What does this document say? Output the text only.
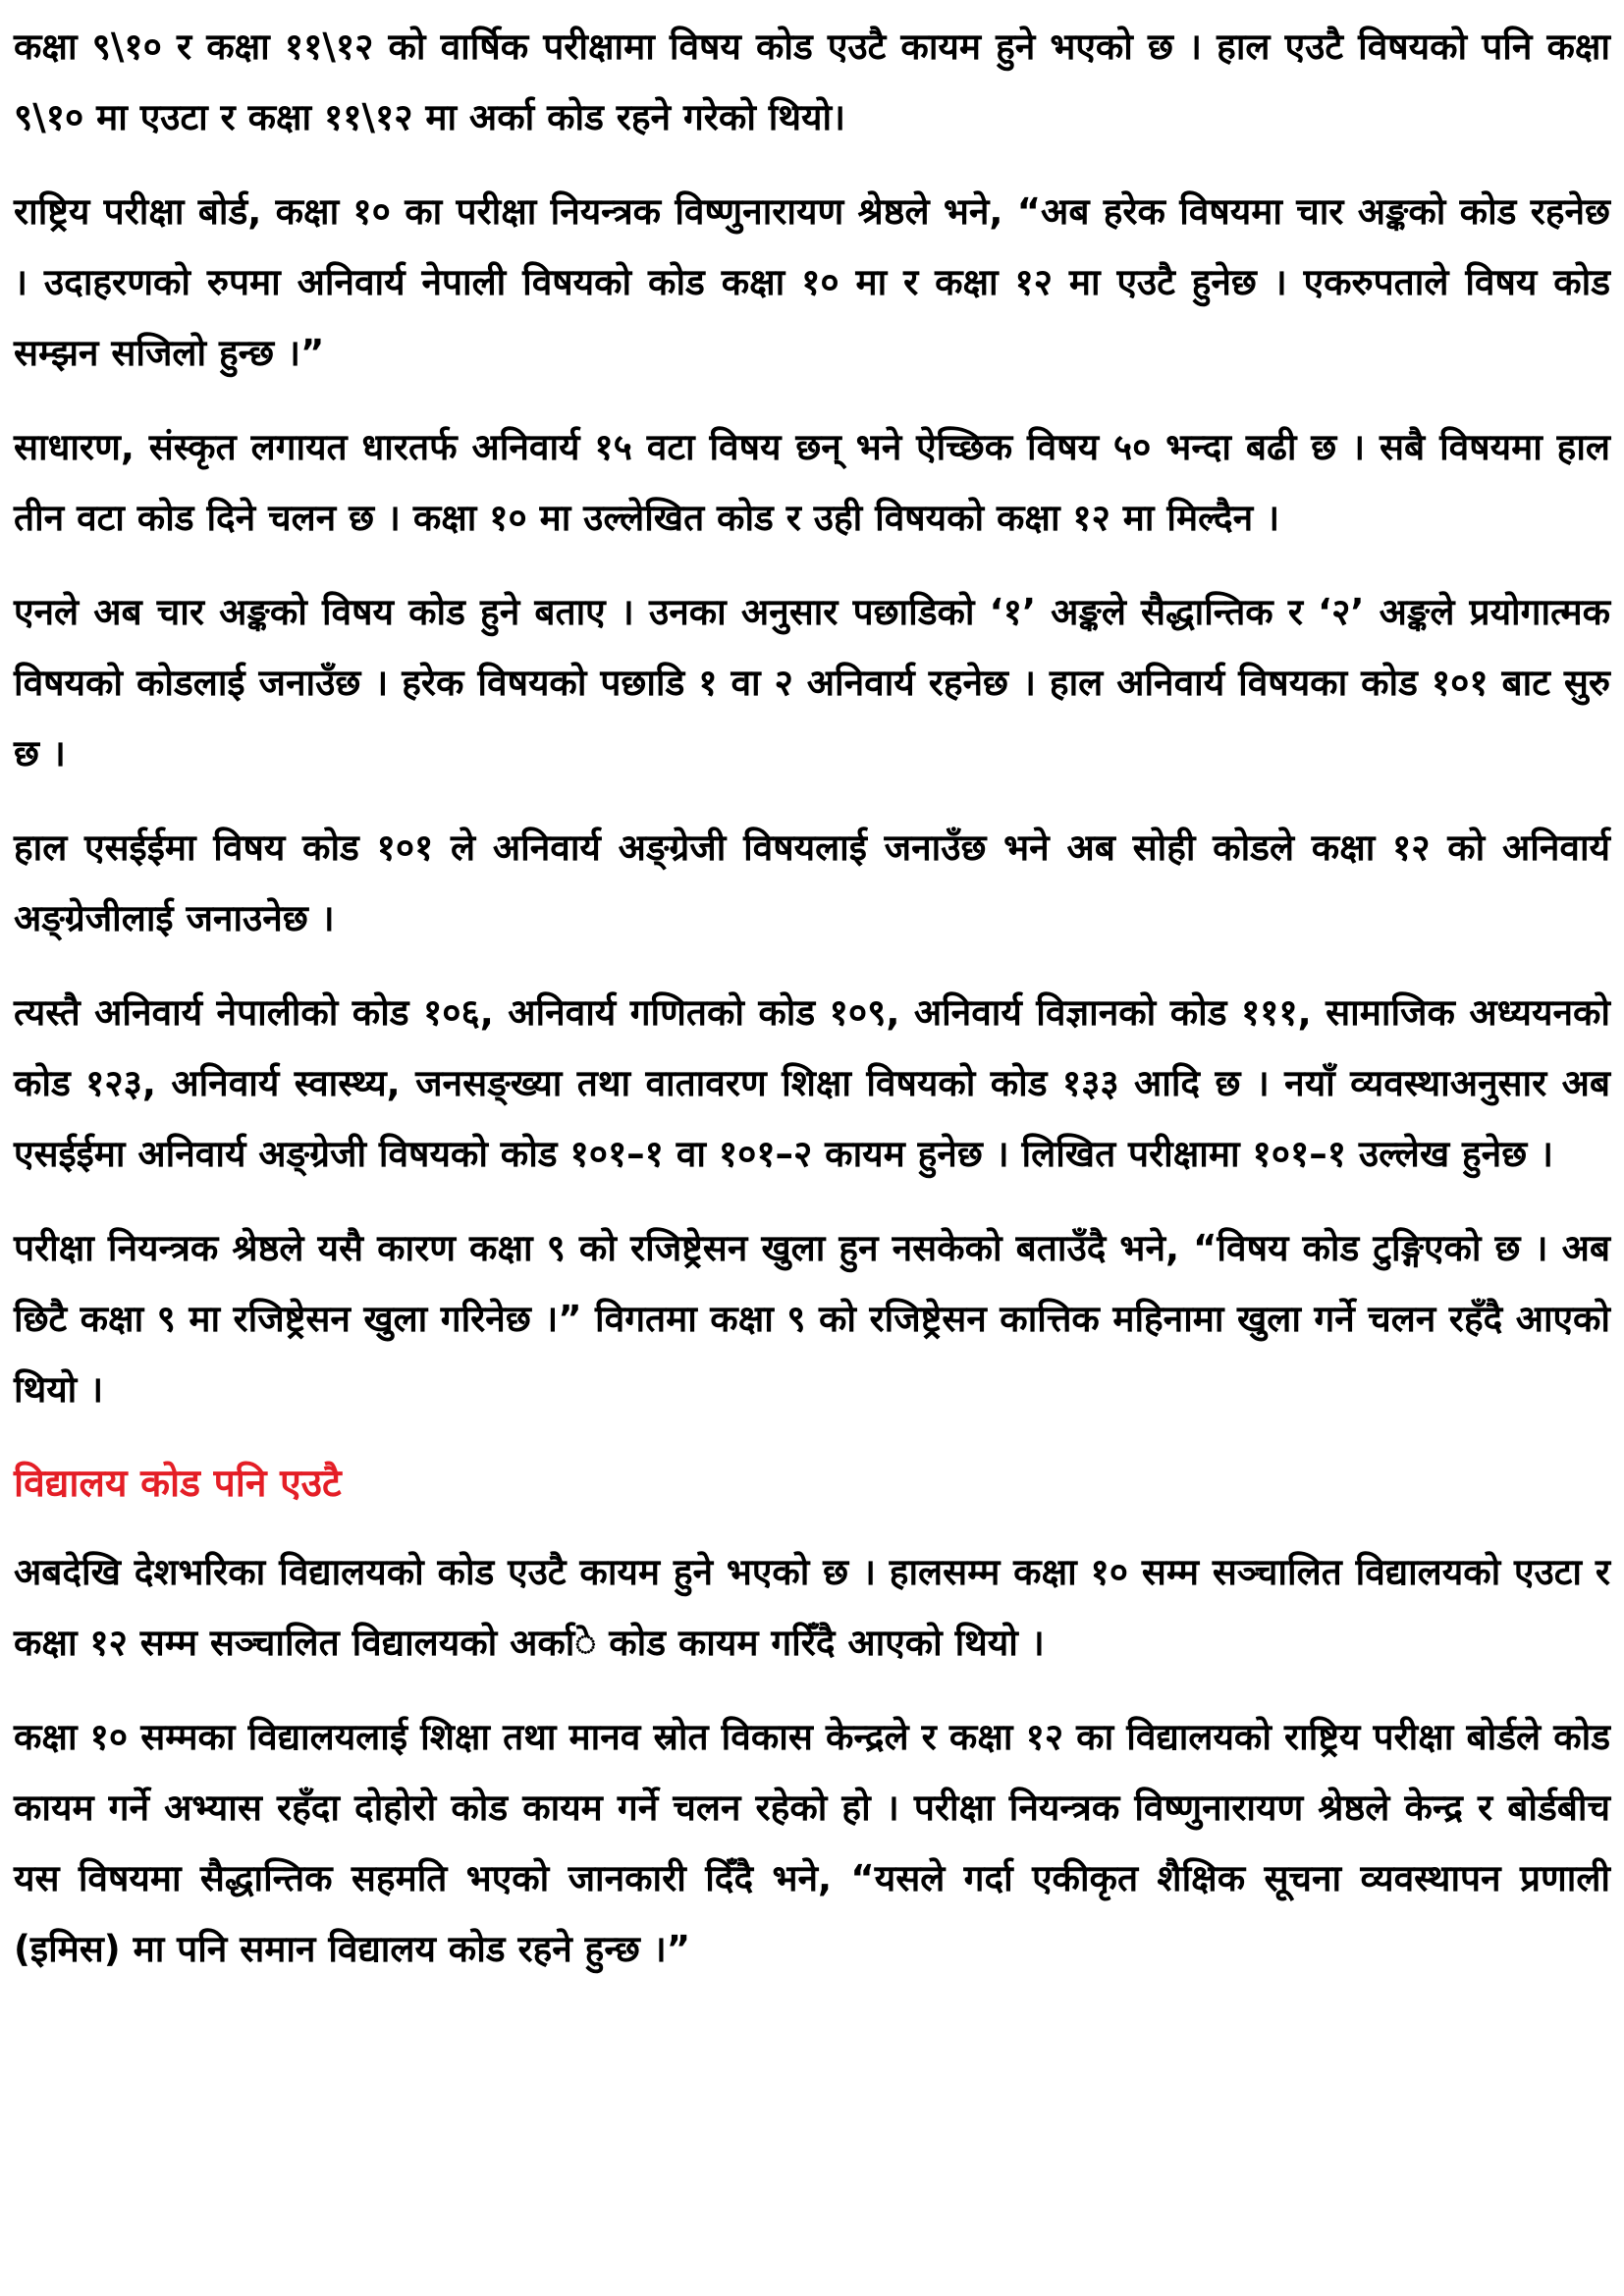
कक्षा ९\१० र कक्षा ११\१२ को वार्षिक परीक्षामा विषय कोड एउटै कायम हुने भएको छ । हाल एउटै विषयको पनि कक्षा ९\१० मा एउटा र कक्षा ११\१२ मा अर्का कोड रहने गरेको थियो।

राष्ट्रिय परीक्षा बोर्ड, कक्षा १० का परीक्षा नियन्त्रक विष्णुनारायण श्रेष्ठले भने, “अब हरेक विषयमा चार अङ्कको कोड रहनेछ । उदाहरणको रुपमा अनिवार्य नेपाली विषयको कोड कक्षा १० मा र कक्षा १२ मा एउटै हुनेछ । एकरुपताले विषय कोड सम्झन सजिलो हुन्छ ।”

साधारण, संस्कृत लगायत धारतर्फ अनिवार्य १५ वटा विषय छन् भने ऐच्छिक विषय ५० भन्दा बढी छ । सबै विषयमा हाल तीन वटा कोड दिने चलन छ । कक्षा १० मा उल्लेखित कोड र उही विषयको कक्षा १२ मा मिल्दैन ।

एनले अब चार अङ्कको विषय कोड हुने बताए । उनका अनुसार पछाडिको ‘१’ अङ्कले सैद्धान्तिक र ‘२’ अङ्कले प्रयोगात्मक विषयको कोडलाई जनाउँछ । हरेक विषयको पछाडि १ वा २ अनिवार्य रहनेछ । हाल अनिवार्य विषयका कोड १०१ बाट सुरु छ ।

हाल एसईईमा विषय कोड १०१ ले अनिवार्य अङ्ग्रेजी विषयलाई जनाउँछ भने अब सोही कोडले कक्षा १२ को अनिवार्य अङ्ग्रेजीलाई जनाउनेछ ।

त्यस्तै अनिवार्य नेपालीको कोड १०६, अनिवार्य गणितको कोड १०९, अनिवार्य विज्ञानको कोड १११, सामाजिक अध्ययनको कोड १२३, अनिवार्य स्वास्थ्य, जनसङ्ख्या तथा वातावरण शिक्षा विषयको कोड १३३ आदि छ । नयाँ व्यवस्थाअनुसार अब एसईईमा अनिवार्य अङ्ग्रेजी विषयको कोड १०१–१ वा १०१–२ कायम हुनेछ । लिखित परीक्षामा १०१–१ उल्लेख हुनेछ ।

परीक्षा नियन्त्रक श्रेष्ठले यसै कारण कक्षा ९ को रजिष्ट्रेसन खुला हुन नसकेको बताउँदै भने, “विषय कोड टुङ्गिएको छ । अब छिटै कक्षा ९ मा रजिष्ट्रेसन खुला गरिनेछ ।” विगतमा कक्षा ९ को रजिष्ट्रेसन कात्तिक महिनामा खुला गर्ने चलन रहँदै आएको थियो ।

विद्यालय कोड पनि एउटै

अबदेखि देशभरिका विद्यालयको कोड एउटै कायम हुने भएको छ । हालसम्म कक्षा १० सम्म सञ्चालित विद्यालयको एउटा र कक्षा १२ सम्म सञ्चालित विद्यालयको अर्का◌े कोड कायम गरिँदै आएको थियो ।

कक्षा १० सम्मका विद्यालयलाई शिक्षा तथा मानव स्रोत विकास केन्द्रले र कक्षा १२ का विद्यालयको राष्ट्रिय परीक्षा बोर्डले कोड कायम गर्ने अभ्यास रहँदा दोहोरो कोड कायम गर्ने चलन रहेको हो । परीक्षा नियन्त्रक विष्णुनारायण श्रेष्ठले केन्द्र र बोर्डबीच यस विषयमा सैद्धान्तिक सहमति भएको जानकारी दिँदै भने, “यसले गर्दा एकीकृत शैक्षिक सूचना व्यवस्थापन प्रणाली (इमिस) मा पनि समान विद्यालय कोड रहने हुन्छ ।”
